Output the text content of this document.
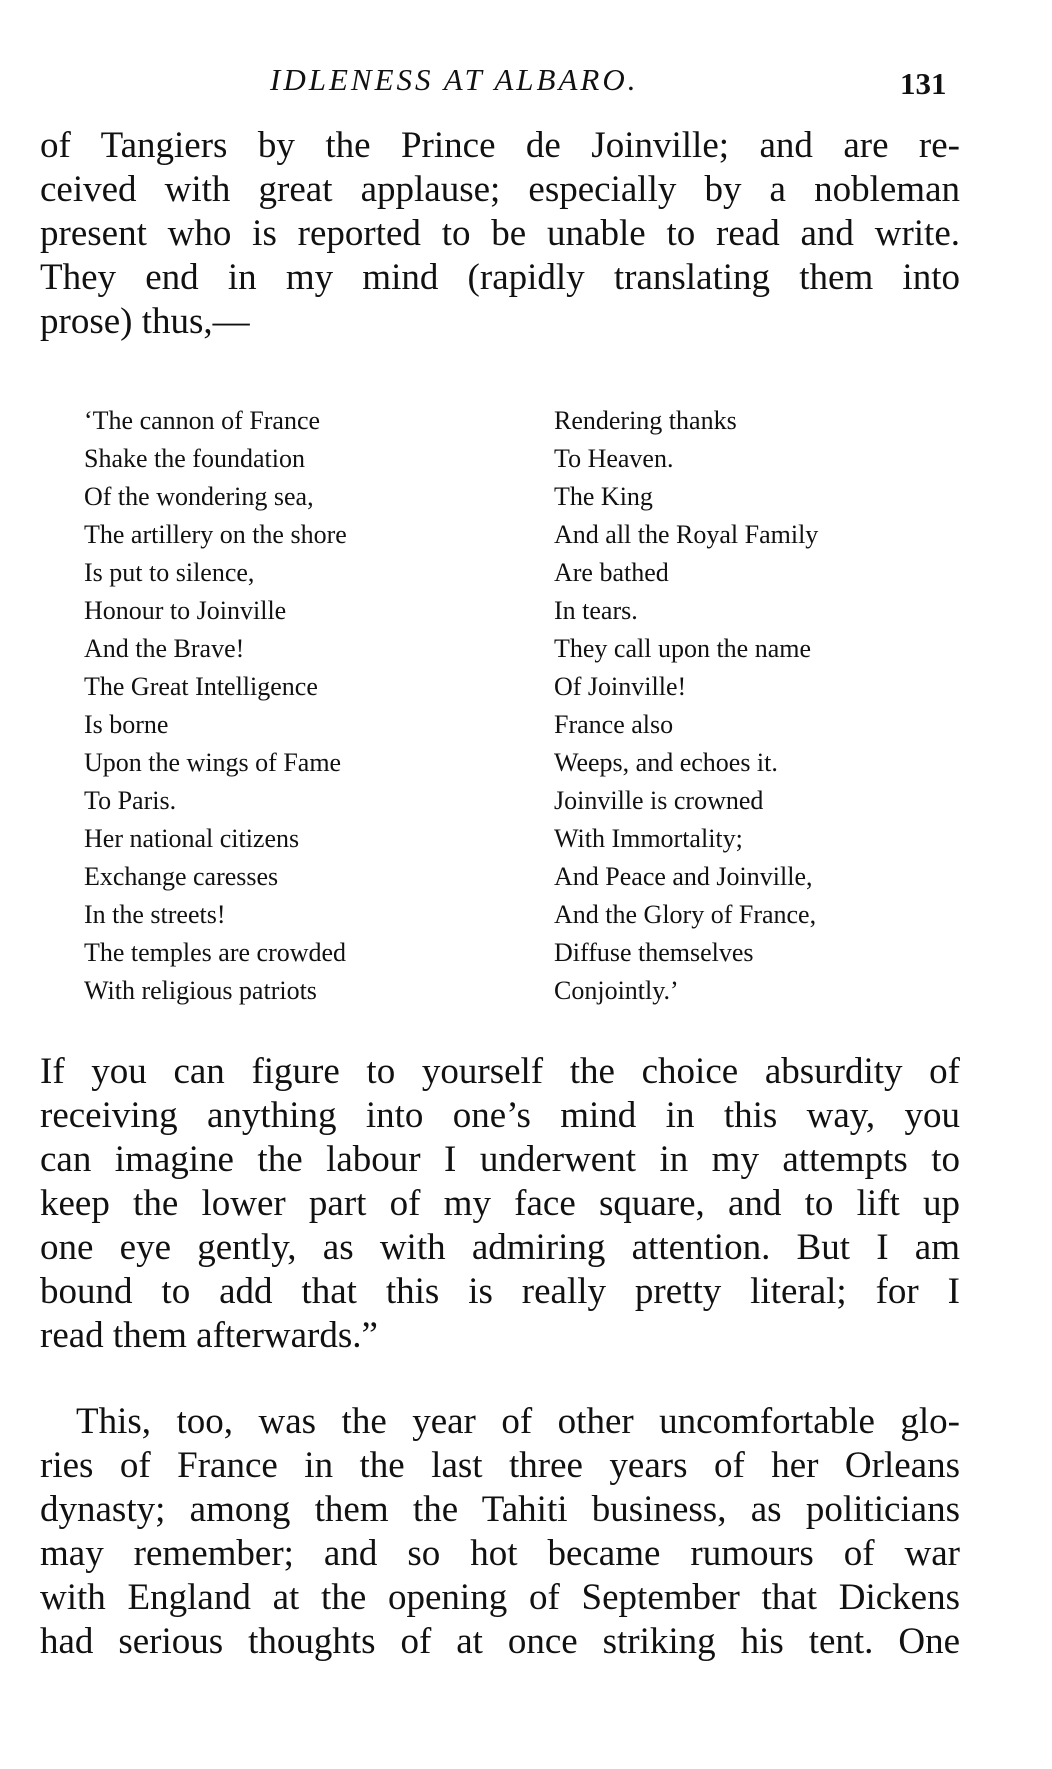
IDLENESS AT ALBARO.	131
of Tangiers by the Prince de Joinville; and are re-
ceived with great applause; especially by a nobleman
present who is reported to be unable to read and write.
They end in my mind (rapidly translating them into
prose) thus,—
‘The cannon of France
Shake the foundation
Of the wondering sea,
The artillery on the shore
Is put to silence,
Honour to Joinville
And the Brave!
The Great Intelligence
Is borne
Upon the wings of Fame
To Paris.
Her national citizens
Exchange caresses
In the streets!
The temples are crowded
With religious patriots
Rendering thanks
To Heaven.
The King
And all the Royal Family
Are bathed
In tears.
They call upon the name
Of Joinville!
France also
Weeps, and echoes it.
Joinville is crowned
With Immortality;
And Peace and Joinville,
And the Glory of France,
Diffuse themselves
Conjointly.’
If you can figure to yourself the choice absurdity of
receiving anything into one’s mind in this way, you
can imagine the labour I underwent in my attempts to
keep the lower part of my face square, and to lift up
one eye gently, as with admiring attention. But I am
bound to add that this is really pretty literal; for I
read them afterwards.”
This, too, was the year of other uncomfortable glo-
ries of France in the last three years of her Orleans
dynasty; among them the Tahiti business, as politicians
may remember; and so hot became rumours of war
with England at the opening of September that Dickens
had serious thoughts of at once striking his tent. One
